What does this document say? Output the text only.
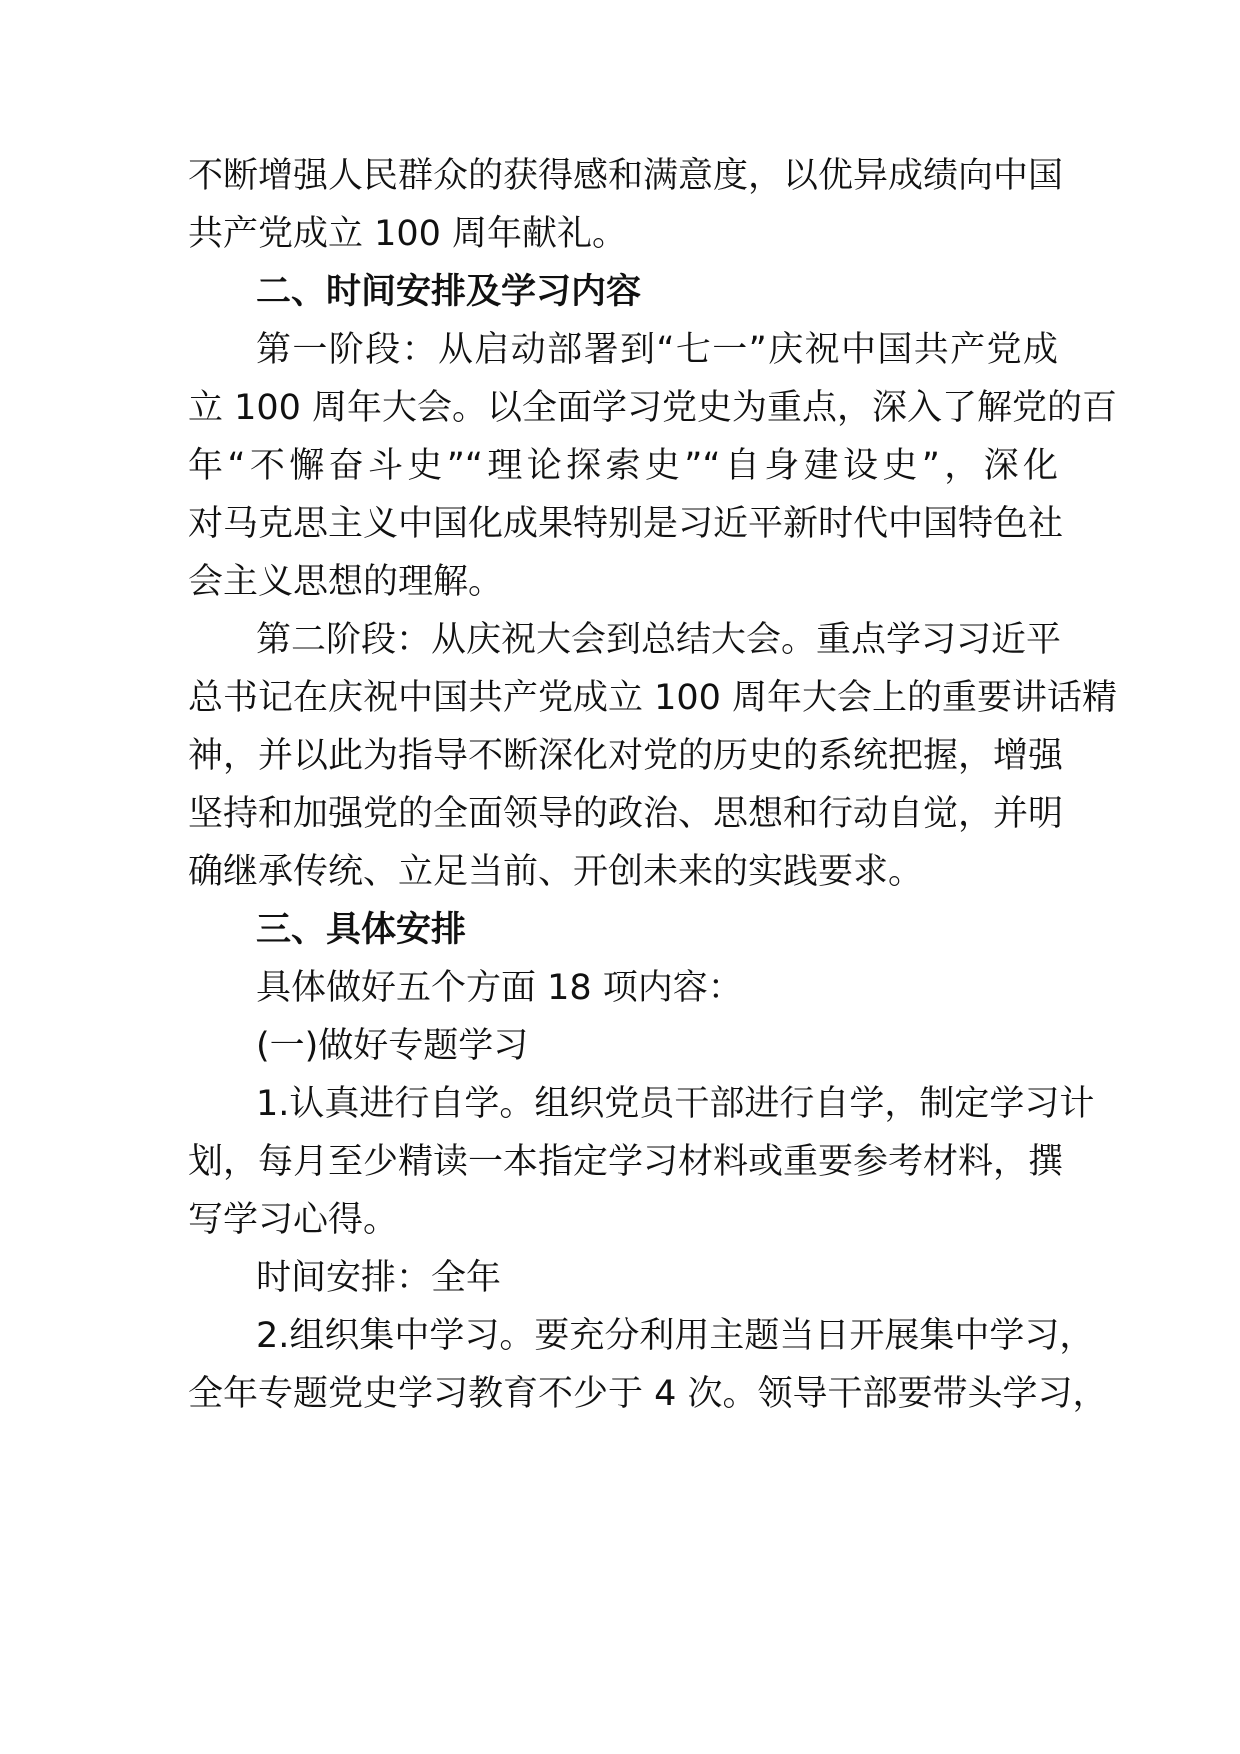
不断增强人民群众的获得感和满意度，以优异成绩向中国
共产党成立 100 周年献礼。
二、时间安排及学习内容
第一阶段：从启动部署到“七一”庆祝中国共产党成
立 100 周年大会。以全面学习党史为重点，深入了解党的百
年“不懈奋斗史”“理论探索史”“自身建设史”，深化
对马克思主义中国化成果特别是习近平新时代中国特色社
会主义思想的理解。
第二阶段：从庆祝大会到总结大会。重点学习习近平
总书记在庆祝中国共产党成立 100 周年大会上的重要讲话精
神，并以此为指导不断深化对党的历史的系统把握，增强
坚持和加强党的全面领导的政治、思想和行动自觉，并明
确继承传统、立足当前、开创未来的实践要求。
三、具体安排
具体做好五个方面 18 项内容：
(一)做好专题学习
1.认真进行自学。组织党员干部进行自学，制定学习计
划，每月至少精读一本指定学习材料或重要参考材料，撰
写学习心得。
时间安排：全年
2.组织集中学习。要充分利用主题当日开展集中学习，
全年专题党史学习教育不少于 4 次。领导干部要带头学习，
